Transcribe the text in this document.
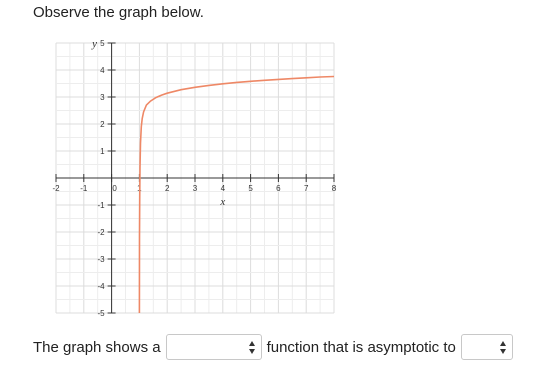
Observe the graph below.
-2	-1	0	1	2	3	4	5	6	7	8
-5
-4
-3
-2
-1
1
2
3
4
5
x
y
The graph shows a	function that is asymptotic to
